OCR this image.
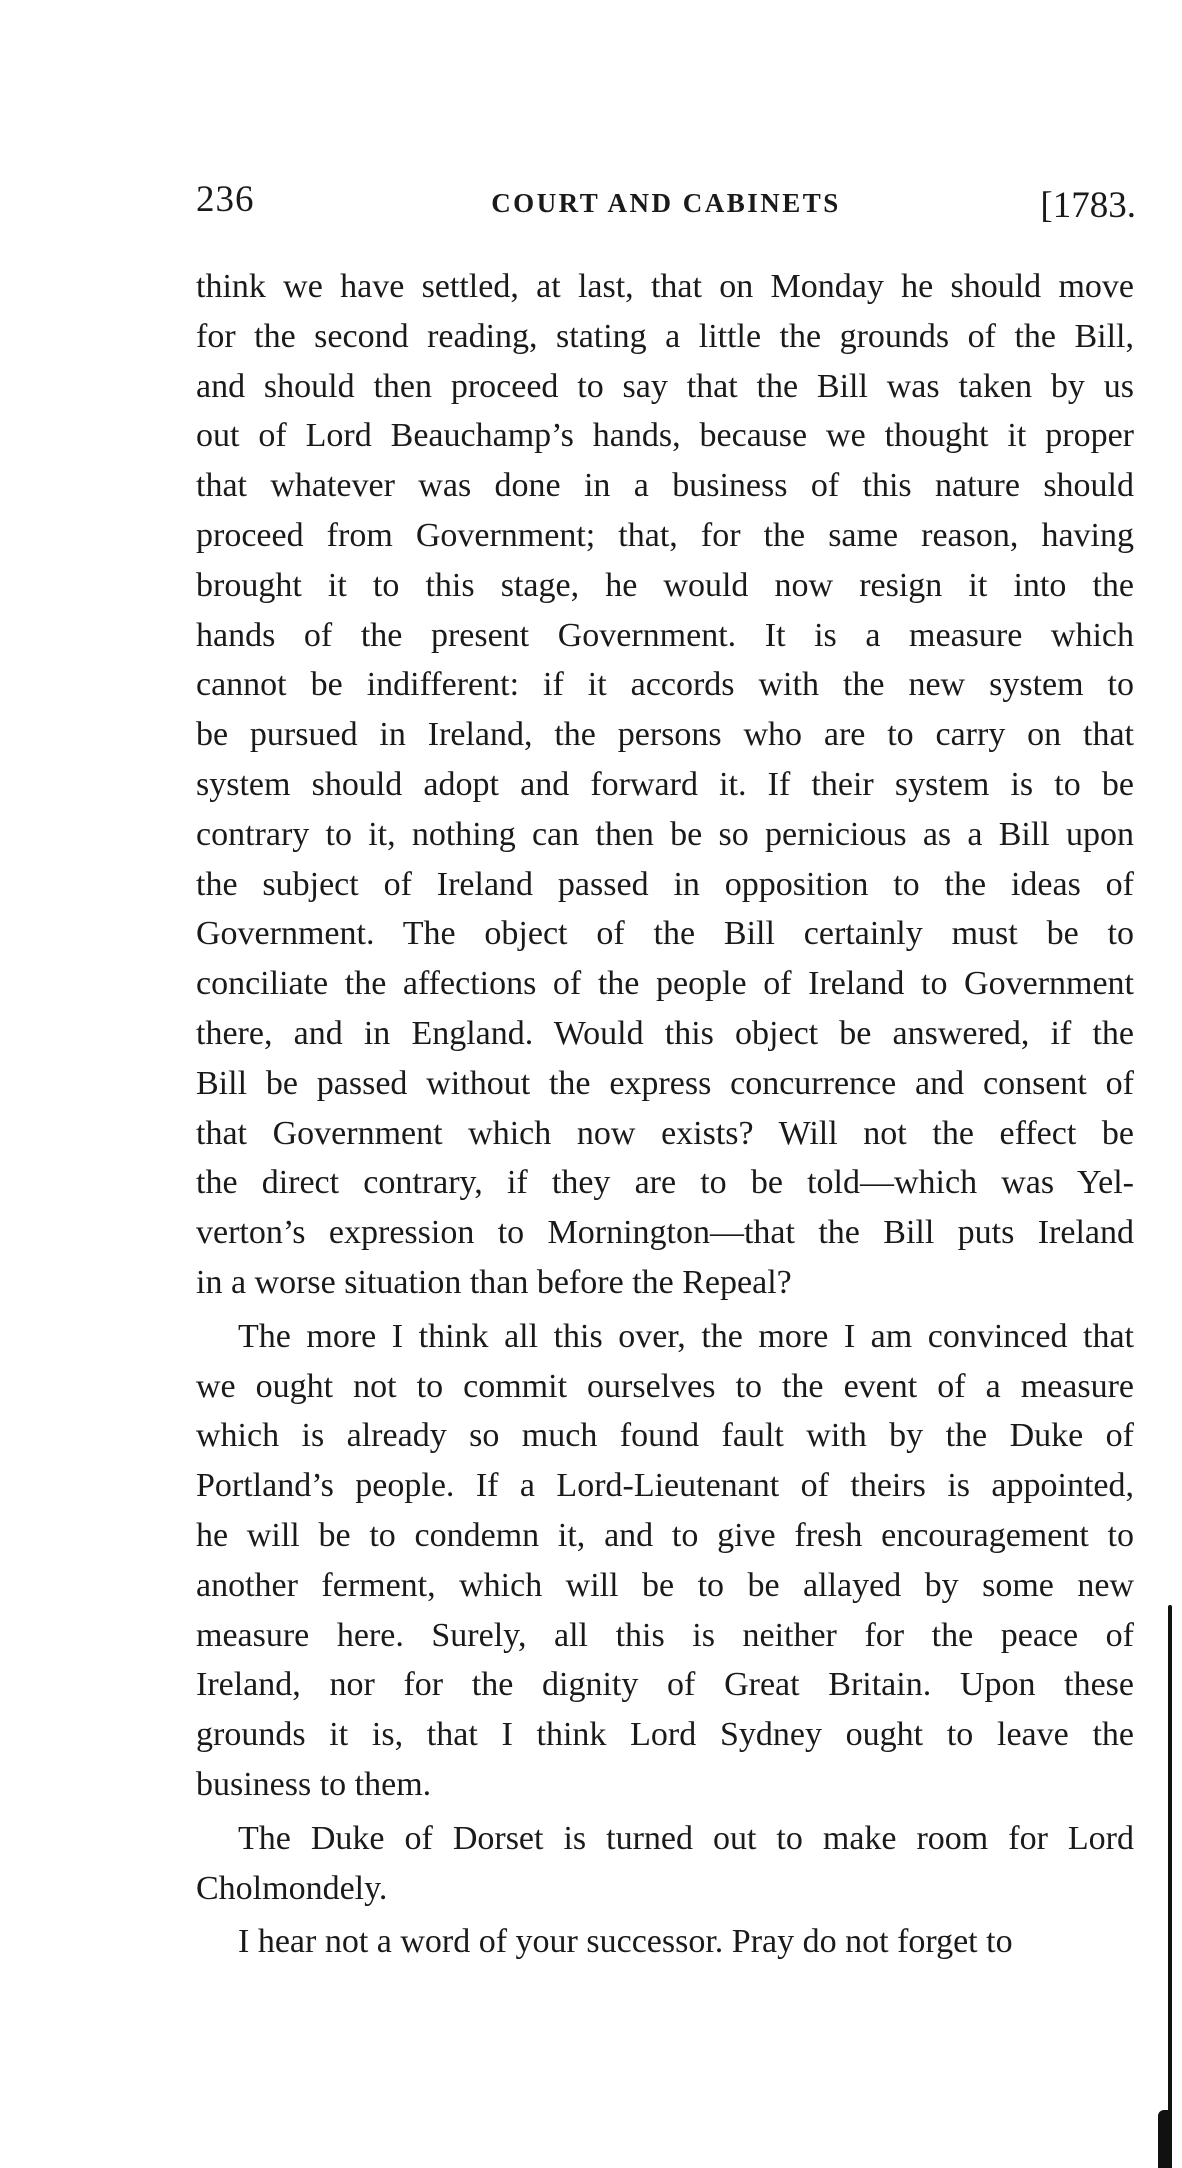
236	COURT AND CABINETS	[1783.
think we have settled, at last, that on Monday he should move
for the second reading, stating a little the grounds of the Bill,
and should then proceed to say that the Bill was taken by us
out of Lord Beauchamp’s hands, because we thought it proper
that whatever was done in a business of this nature should
proceed from Government; that, for the same reason, having
brought it to this stage, he would now resign it into the
hands of the present Government. It is a measure which
cannot be indifferent: if it accords with the new system to
be pursued in Ireland, the persons who are to carry on that
system should adopt and forward it. If their system is to be
contrary to it, nothing can then be so pernicious as a Bill upon
the subject of Ireland passed in opposition to the ideas of
Government. The object of the Bill certainly must be to
conciliate the affections of the people of Ireland to Government
there, and in England. Would this object be answered, if the
Bill be passed without the express concurrence and consent of
that Government which now exists? Will not the effect be
the direct contrary, if they are to be told—which was Yel-
verton’s expression to Mornington—that the Bill puts Ireland
in a worse situation than before the Repeal?
The more I think all this over, the more I am convinced that
we ought not to commit ourselves to the event of a measure
which is already so much found fault with by the Duke of
Portland’s people. If a Lord-Lieutenant of theirs is appointed,
he will be to condemn it, and to give fresh encouragement to
another ferment, which will be to be allayed by some new
measure here. Surely, all this is neither for the peace of
Ireland, nor for the dignity of Great Britain. Upon these
grounds it is, that I think Lord Sydney ought to leave the
business to them.
The Duke of Dorset is turned out to make room for Lord
Cholmondely.
I hear not a word of your successor. Pray do not forget to
